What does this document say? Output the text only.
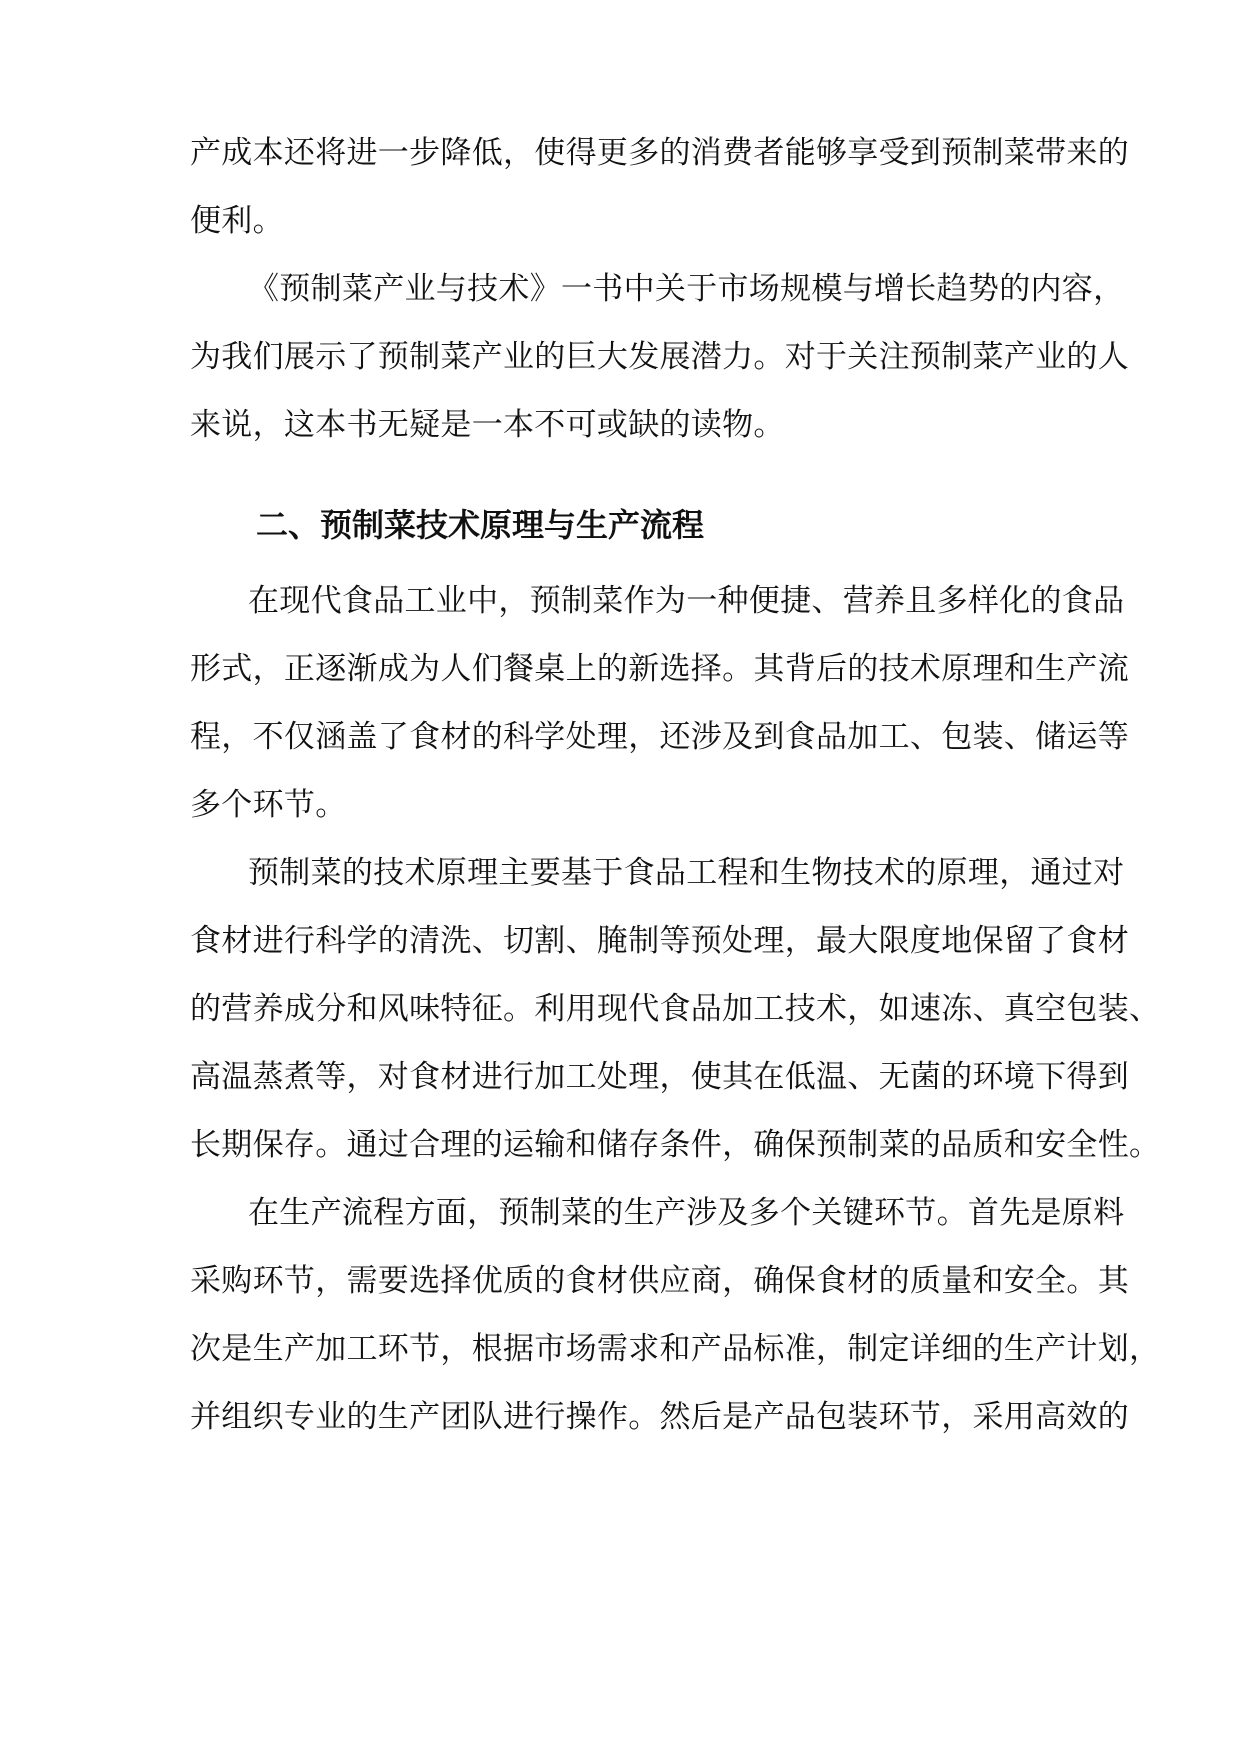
产成本还将进一步降低，使得更多的消费者能够享受到预制菜带来的
便利。
《预制菜产业与技术》一书中关于市场规模与增长趋势的内容，
为我们展示了预制菜产业的巨大发展潜力。对于关注预制菜产业的人
来说，这本书无疑是一本不可或缺的读物。
二、预制菜技术原理与生产流程
在现代食品工业中，预制菜作为一种便捷、营养且多样化的食品
形式，正逐渐成为人们餐桌上的新选择。其背后的技术原理和生产流
程，不仅涵盖了食材的科学处理，还涉及到食品加工、包装、储运等
多个环节。
预制菜的技术原理主要基于食品工程和生物技术的原理，通过对
食材进行科学的清洗、切割、腌制等预处理，最大限度地保留了食材
的营养成分和风味特征。利用现代食品加工技术，如速冻、真空包装、
高温蒸煮等，对食材进行加工处理，使其在低温、无菌的环境下得到
长期保存。通过合理的运输和储存条件，确保预制菜的品质和安全性。
在生产流程方面，预制菜的生产涉及多个关键环节。首先是原料
采购环节，需要选择优质的食材供应商，确保食材的质量和安全。其
次是生产加工环节，根据市场需求和产品标准，制定详细的生产计划，
并组织专业的生产团队进行操作。然后是产品包装环节，采用高效的
